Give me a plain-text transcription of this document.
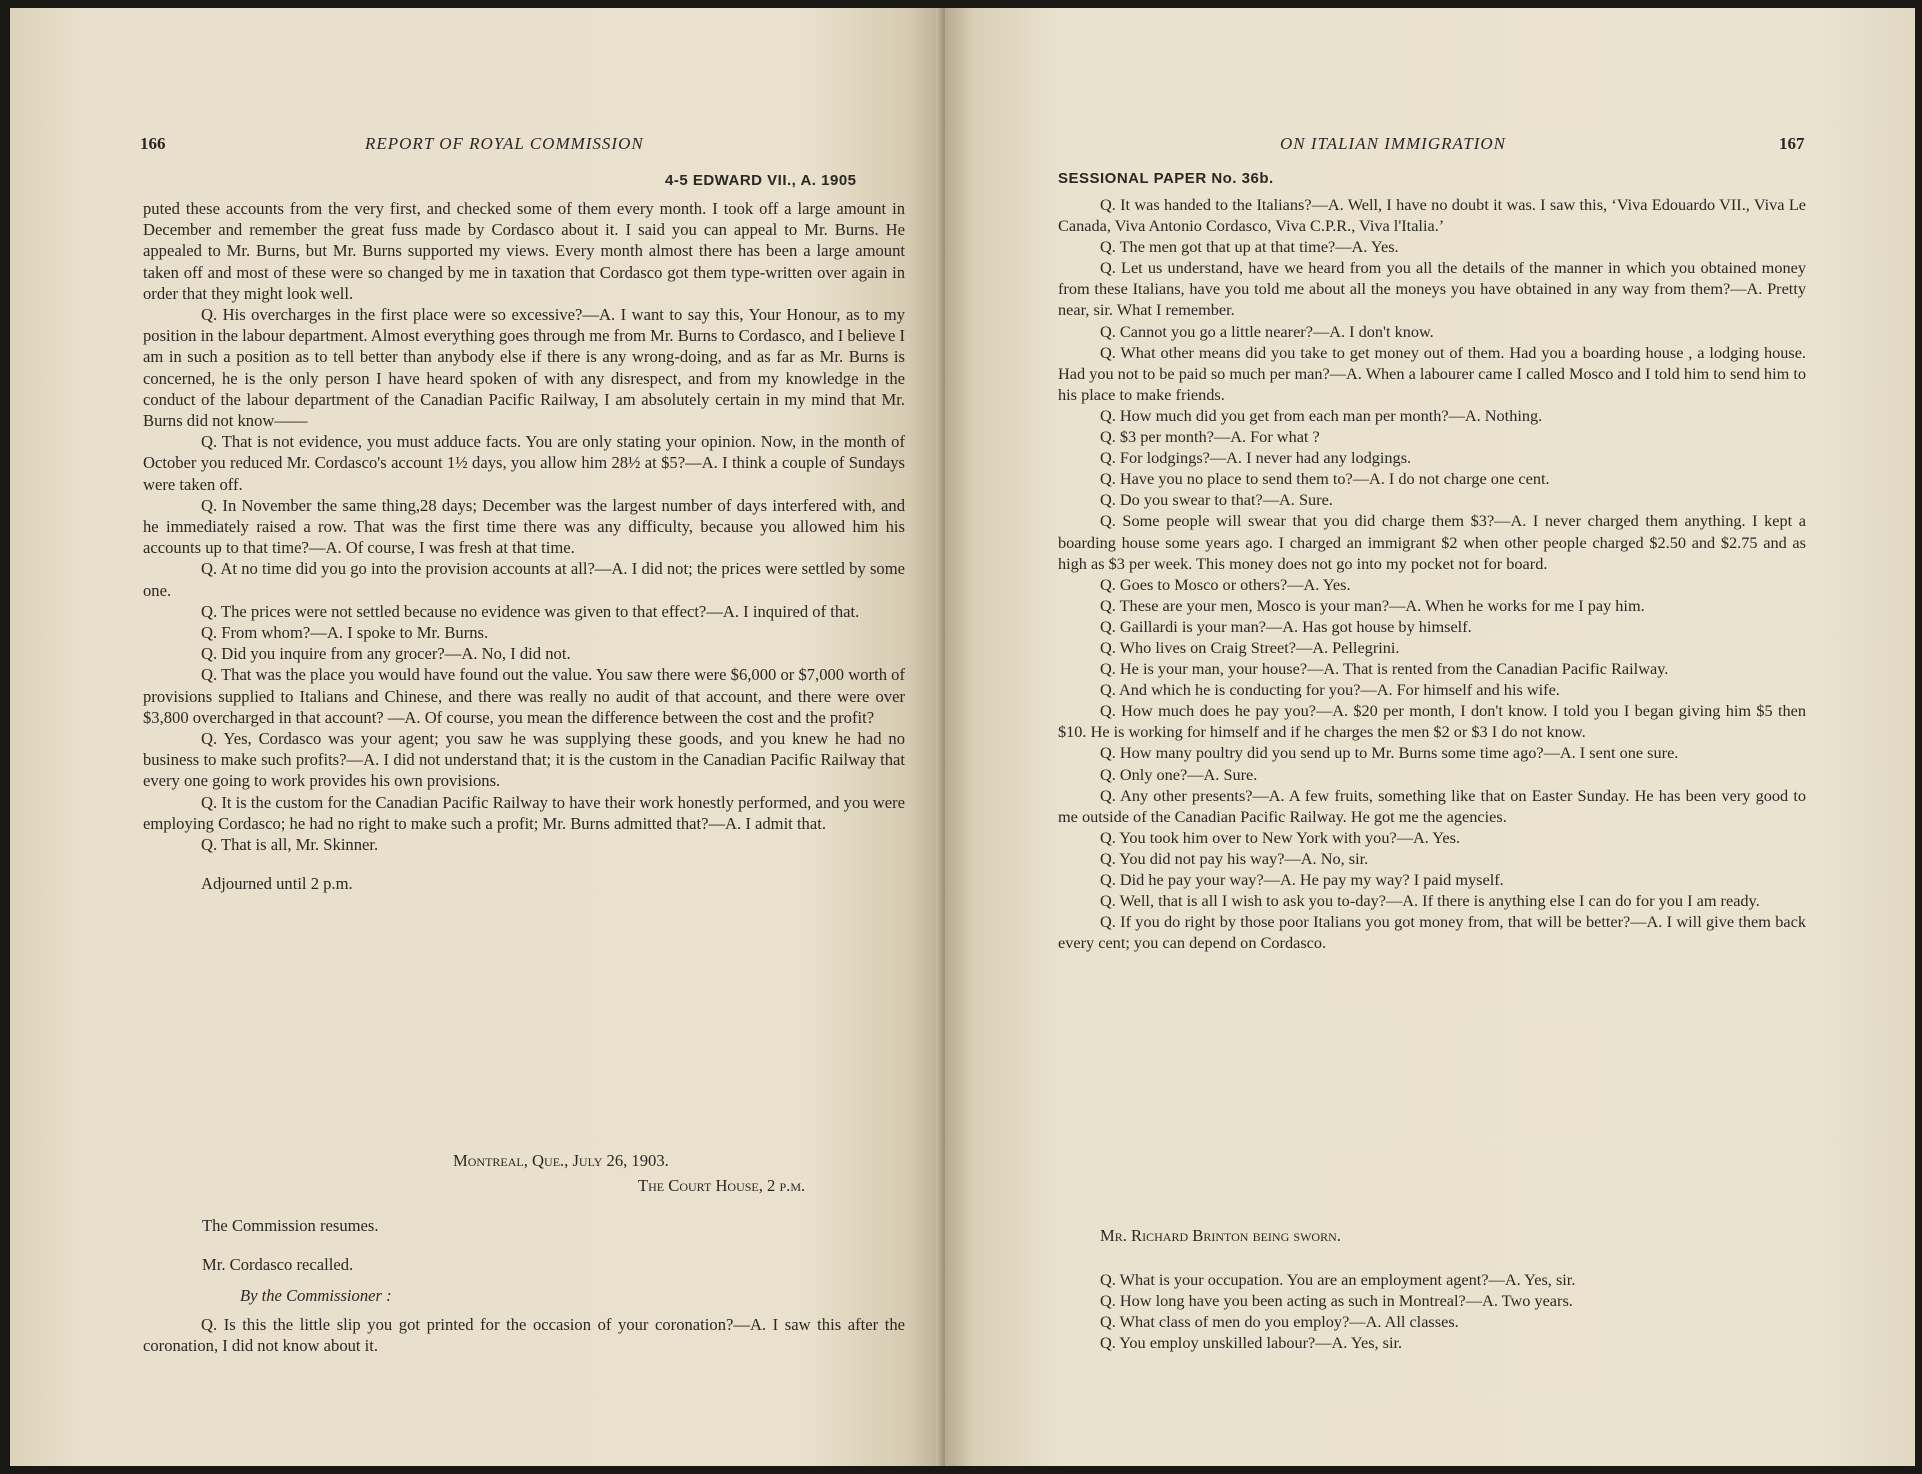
166	REPORT OF ROYAL COMMISSION
4-5 EDWARD VII., A. 1905

puted these accounts from the very first, and checked some of them every month. I took off a large amount in December and remember the great fuss made by Cordasco about it. I said you can appeal to Mr. Burns. He appealed to Mr. Burns, but Mr. Burns supported my views. Every month almost there has been a large amount taken off and most of these were so changed by me in taxation that Cordasco got them type-written over again in order that they might look well.

Q. His overcharges in the first place were so excessive?—A. I want to say this, Your Honour, as to my position in the labour department. Almost everything goes through me from Mr. Burns to Cordasco, and I believe I am in such a position as to tell better than anybody else if there is any wrong-doing, and as far as Mr. Burns is concerned, he is the only person I have heard spoken of with any disrespect, and from my knowledge in the conduct of the labour department of the Canadian Pacific Railway, I am absolutely certain in my mind that Mr. Burns did not know——

Q. That is not evidence, you must adduce facts. You are only stating your opinion. Now, in the month of October you reduced Mr. Cordasco's account 1½ days, you allow him 28½ at $5?—A. I think a couple of Sundays were taken off.

Q. In November the same thing,28 days; December was the largest number of days interfered with, and he immediately raised a row. That was the first time there was any difficulty, because you allowed him his accounts up to that time?—A. Of course, I was fresh at that time.

Q. At no time did you go into the provision accounts at all?—A. I did not; the prices were settled by some one.

Q. The prices were not settled because no evidence was given to that effect?—A. I inquired of that.

Q. From whom?—A. I spoke to Mr. Burns.

Q. Did you inquire from any grocer?—A. No, I did not.

Q. That was the place you would have found out the value. You saw there were $6,000 or $7,000 worth of provisions supplied to Italians and Chinese, and there was really no audit of that account, and there were over $3,800 overcharged in that account? —A. Of course, you mean the difference between the cost and the profit?

Q. Yes, Cordasco was your agent; you saw he was supplying these goods, and you knew he had no business to make such profits?—A. I did not understand that; it is the custom in the Canadian Pacific Railway that every one going to work provides his own provisions.

Q. It is the custom for the Canadian Pacific Railway to have their work honestly performed, and you were employing Cordasco; he had no right to make such a profit; Mr. Burns admitted that?—A. I admit that.

Q. That is all, Mr. Skinner.

Adjourned until 2 p.m.

Montreal, Que., July 26, 1903.
The Court House, 2 p.m.
The Commission resumes.
Mr. Cordasco recalled.
By the Commissioner :

Q. Is this the little slip you got printed for the occasion of your coronation?—A. I saw this after the coronation, I did not know about it.

ON ITALIAN IMMIGRATION	167
SESSIONAL PAPER No. 36b.

Q. It was handed to the Italians?—A. Well, I have no doubt it was. I saw this, ‘Viva Edouardo VII., Viva Le Canada, Viva Antonio Cordasco, Viva C.P.R., Viva l'Italia.’

Q. The men got that up at that time?—A. Yes.

Q. Let us understand, have we heard from you all the details of the manner in which you obtained money from these Italians, have you told me about all the moneys you have obtained in any way from them?—A. Pretty near, sir. What I remember.

Q. Cannot you go a little nearer?—A. I don't know.

Q. What other means did you take to get money out of them. Had you a boarding house , a lodging house. Had you not to be paid so much per man?—A. When a labourer came I called Mosco and I told him to send him to his place to make friends.

Q. How much did you get from each man per month?—A. Nothing.

Q. $3 per month?—A. For what ?

Q. For lodgings?—A. I never had any lodgings.

Q. Have you no place to send them to?—A. I do not charge one cent.

Q. Do you swear to that?—A. Sure.

Q. Some people will swear that you did charge them $3?—A. I never charged them anything. I kept a boarding house some years ago. I charged an immigrant $2 when other people charged $2.50 and $2.75 and as high as $3 per week. This money does not go into my pocket not for board.

Q. Goes to Mosco or others?—A. Yes.

Q. These are your men, Mosco is your man?—A. When he works for me I pay him.

Q. Gaillardi is your man?—A. Has got house by himself.

Q. Who lives on Craig Street?—A. Pellegrini.

Q. He is your man, your house?—A. That is rented from the Canadian Pacific Railway.

Q. And which he is conducting for you?—A. For himself and his wife.

Q. How much does he pay you?—A. $20 per month, I don't know. I told you I began giving him $5 then $10. He is working for himself and if he charges the men $2 or $3 I do not know.

Q. How many poultry did you send up to Mr. Burns some time ago?—A. I sent one sure.

Q. Only one?—A. Sure.

Q. Any other presents?—A. A few fruits, something like that on Easter Sunday. He has been very good to me outside of the Canadian Pacific Railway. He got me the agencies.

Q. You took him over to New York with you?—A. Yes.

Q. You did not pay his way?—A. No, sir.

Q. Did he pay your way?—A. He pay my way? I paid myself.

Q. Well, that is all I wish to ask you to-day?—A. If there is anything else I can do for you I am ready.

Q. If you do right by those poor Italians you got money from, that will be better?—A. I will give them back every cent; you can depend on Cordasco.

Mr. Richard Brinton being sworn.

Q. What is your occupation. You are an employment agent?—A. Yes, sir.

Q. How long have you been acting as such in Montreal?—A. Two years.

Q. What class of men do you employ?—A. All classes.

Q. You employ unskilled labour?—A. Yes, sir.
